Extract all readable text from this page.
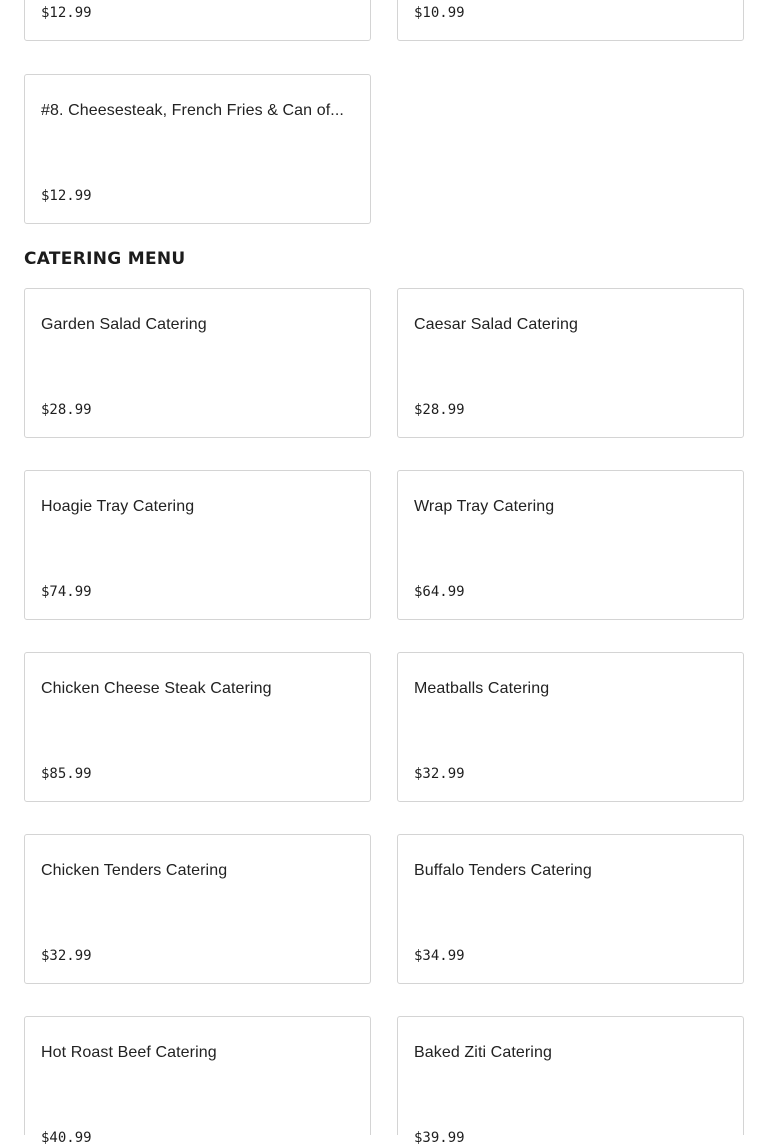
$12.99	$10.99
#8. Cheesesteak, French Fries & Can of...
$12.99
CATERING MENU
Garden Salad Catering
$28.99
Caesar Salad Catering
$28.99
Hoagie Tray Catering
$74.99
Wrap Tray Catering
$64.99
Chicken Cheese Steak Catering
$85.99
Meatballs Catering
$32.99
Chicken Tenders Catering
$32.99
Buffalo Tenders Catering
$34.99
Hot Roast Beef Catering
$40.99
Baked Ziti Catering
$39.99
